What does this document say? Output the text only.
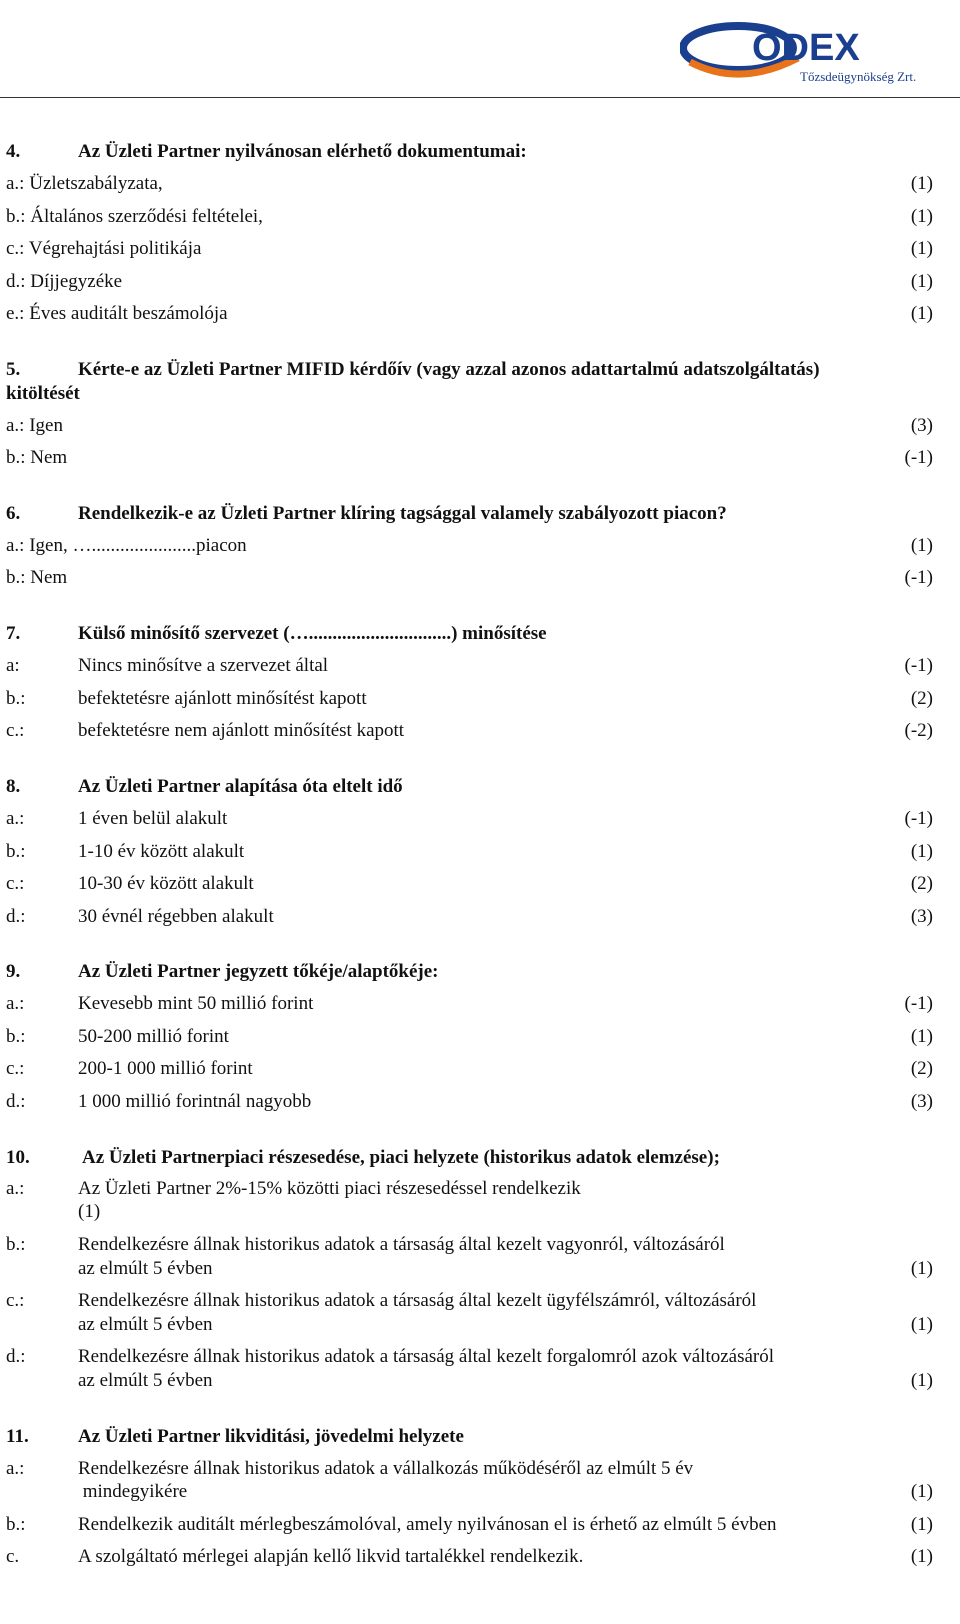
ODEX
Tőzsdeügynökség Zrt.
4.	Az Üzleti Partner nyilvánosan elérhető dokumentumai:
a.: Üzletszabályzata,	(1)
b.: Általános szerződési feltételei,	(1)
c.: Végrehajtási politikája	(1)
d.: Díjjegyzéke	(1)
e.: Éves auditált beszámolója	(1)
5.	Kérte-e az Üzleti Partner MIFID kérdőív (vagy azzal azonos adattartalmú adatszolgáltatás)
kitöltését
a.: Igen	(3)
b.: Nem	(-1)
6.	Rendelkezik-e az Üzleti Partner klíring tagsággal valamely szabályozott piacon?
a.: Igen, …......................piacon	(1)
b.: Nem	(-1)
7.	Külső minősítő szervezet (…..............................) minősítése
a:	Nincs minősítve a szervezet által	(-1)
b.:	befektetésre ajánlott minősítést kapott	(2)
c.:	befektetésre nem ajánlott minősítést kapott	(-2)
8.	Az Üzleti Partner alapítása óta eltelt idő
a.:	1 éven belül alakult	(-1)
b.:	1-10 év között alakult	(1)
c.:	10-30 év között alakult	(2)
d.:	30 évnél régebben alakult	(3)
9.	Az Üzleti Partner jegyzett tőkéje/alaptőkéje:
a.:	Kevesebb mint 50 millió forint	(-1)
b.:	50-200 millió forint	(1)
c.:	200-1 000 millió forint	(2)
d.:	1 000 millió forintnál nagyobb	(3)
10.	Az Üzleti Partnerpiaci részesedése, piaci helyzete (historikus adatok elemzése);
a.:	Az Üzleti Partner 2%-15% közötti piaci részesedéssel rendelkezik
(1)
b.:	Rendelkezésre állnak historikus adatok a társaság által kezelt vagyonról, változásáról
az elmúlt 5 évben	(1)
c.:	Rendelkezésre állnak historikus adatok a társaság által kezelt ügyfélszámról, változásáról
az elmúlt 5 évben	(1)
d.:	Rendelkezésre állnak historikus adatok a társaság által kezelt forgalomról azok változásáról
az elmúlt 5 évben	(1)
11.	Az Üzleti Partner likviditási, jövedelmi helyzete
a.:	Rendelkezésre állnak historikus adatok a vállalkozás működéséről az elmúlt 5 év
mindegyikére	(1)
b.:	Rendelkezik auditált mérlegbeszámolóval, amely nyilvánosan el is érhető az elmúlt 5 évben	(1)
c.	A szolgáltató mérlegei alapján kellő likvid tartalékkel rendelkezik.	(1)
